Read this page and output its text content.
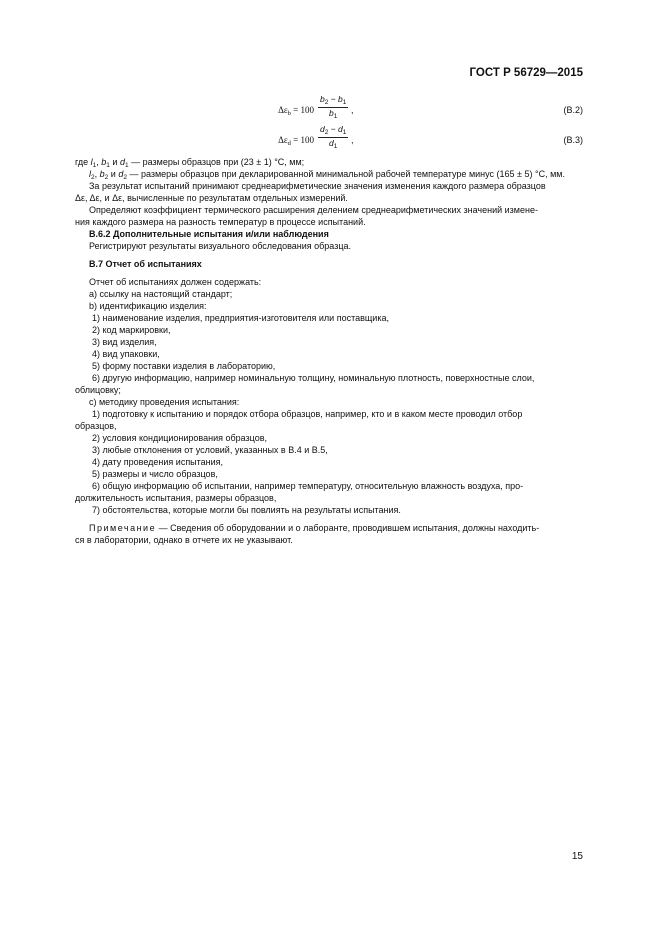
ГОСТ Р 56729—2015
$\Delta\varepsilon_b = 100 \frac{b_2 - b_1}{b_1}$ ,	(B.2)
$\Delta\varepsilon_d = 100 \frac{d_2 - d_1}{d_1}$ ,	(B.3)
где $l_1$, $b_1$ и $d_1$ — размеры образцов при (23 ± 1) °С, мм;
$l_2$, $b_2$ и $d_2$ — размеры образцов при декларированной минимальной рабочей температуре минус (165 ± 5) °С, мм.
За результат испытаний принимают среднеарифметические значения изменения каждого размера образцов
Δε, Δε, и Δε, вычисленные по результатам отдельных измерений.
Определяют коэффициент термического расширения делением среднеарифметических значений измене-
ния каждого размера на разность температур в процессе испытаний.
B.6.2 Дополнительные испытания и/или наблюдения
Регистрируют результаты визуального обследования образца.
B.7 Отчет об испытаниях
Отчет об испытаниях должен содержать:
a) ссылку на настоящий стандарт;
b) идентификацию изделия:
1) наименование изделия, предприятия-изготовителя или поставщика,
2) код маркировки,
3) вид изделия,
4) вид упаковки,
5) форму поставки изделия в лабораторию,
6) другую информацию, например номинальную толщину, номинальную плотность, поверхностные слои,
облицовку;
c) методику проведения испытания:
1) подготовку к испытанию и порядок отбора образцов, например, кто и в каком месте проводил отбор
образцов,
2) условия кондиционирования образцов,
3) любые отклонения от условий, указанных в B.4 и B.5,
4) дату проведения испытания,
5) размеры и число образцов,
6) общую информацию об испытании, например температуру, относительную влажность воздуха, про-
должительность испытания, размеры образцов,
7) обстоятельства, которые могли бы повлиять на результаты испытания.
Примечание — Сведения об оборудовании и о лаборанте, проводившем испытания, должны находить-
ся в лаборатории, однако в отчете их не указывают.
15
